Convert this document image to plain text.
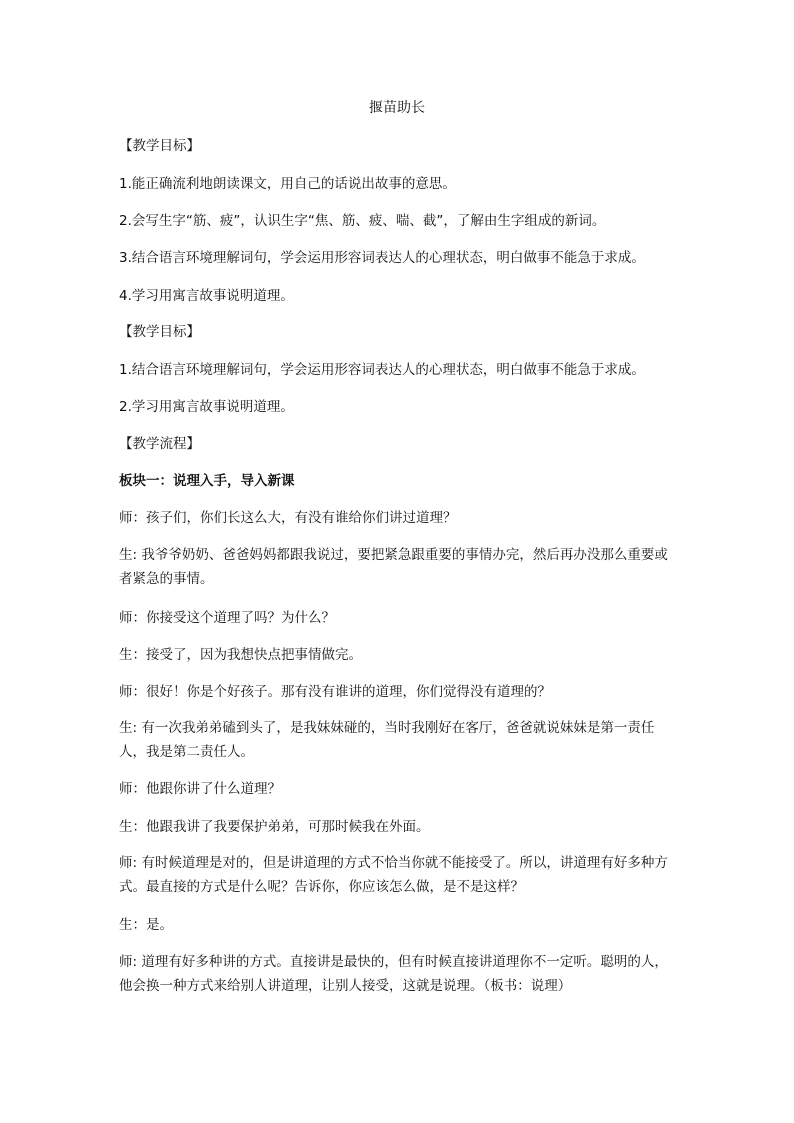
揠苗助长
【教学目标】
1.能正确流利地朗读课文，用自己的话说出故事的意思。
2.会写生字“筋、疲”，认识生字“焦、筋、疲、喘、截”，了解由生字组成的新词。
3.结合语言环境理解词句，学会运用形容词表达人的心理状态，明白做事不能急于求成。
4.学习用寓言故事说明道理。
【教学目标】
1.结合语言环境理解词句，学会运用形容词表达人的心理状态，明白做事不能急于求成。
2.学习用寓言故事说明道理。
【教学流程】
板块一：说理入手，导入新课
师：孩子们，你们长这么大，有没有谁给你们讲过道理？
生: 我爷爷奶奶、爸爸妈妈都跟我说过，要把紧急跟重要的事情办完，然后再办没那么重要或者紧急的事情。
师：你接受这个道理了吗？为什么？
生：接受了，因为我想快点把事情做完。
师：很好！你是个好孩子。那有没有谁讲的道理，你们觉得没有道理的？
生: 有一次我弟弟磕到头了，是我妹妹碰的，当时我刚好在客厅，爸爸就说妹妹是第一责任人，我是第二责任人。
师：他跟你讲了什么道理？
生：他跟我讲了我要保护弟弟，可那时候我在外面。
师: 有时候道理是对的，但是讲道理的方式不恰当你就不能接受了。所以，讲道理有好多种方式。最直接的方式是什么呢？告诉你，你应该怎么做，是不是这样？
生：是。
师: 道理有好多种讲的方式。直接讲是最快的，但有时候直接讲道理你不一定听。聪明的人，他会换一种方式来给别人讲道理，让别人接受，这就是说理。（板书：说理）
